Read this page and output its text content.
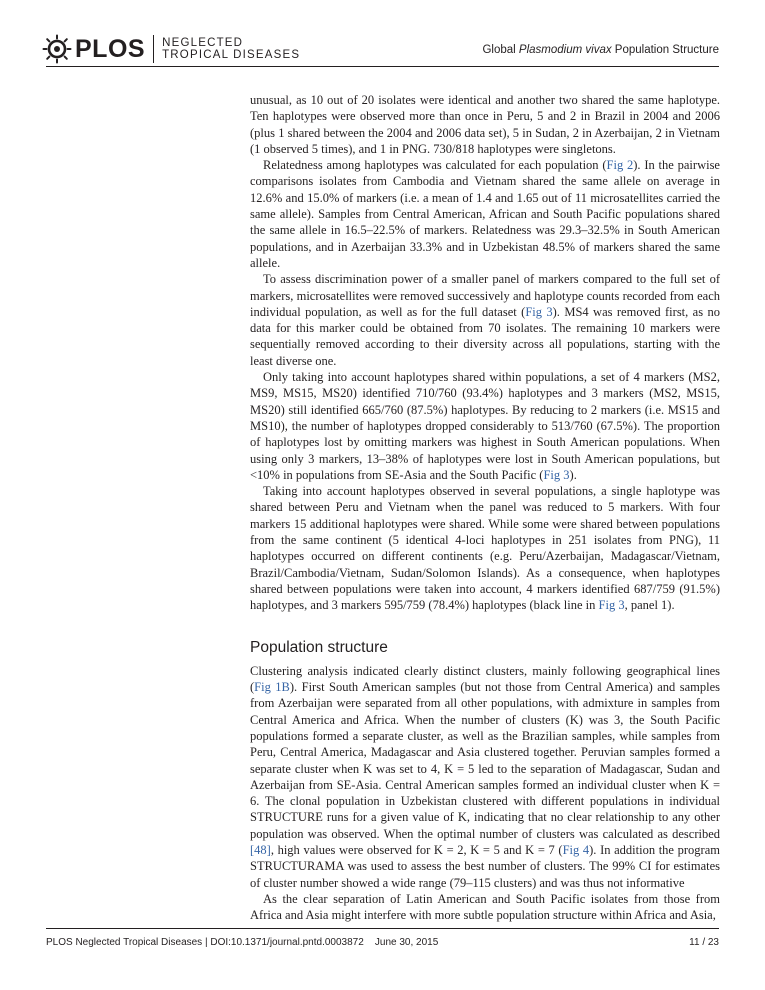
PLOS NEGLECTED
TROPICAL DISEASES	Global Plasmodium vivax Population Structure

unusual, as 10 out of 20 isolates were identical and another two shared the same haplotype. Ten haplotypes were observed more than once in Peru, 5 and 2 in Brazil in 2004 and 2006 (plus 1 shared between the 2004 and 2006 data set), 5 in Sudan, 2 in Azerbaijan, 2 in Vietnam (1 observed 5 times), and 1 in PNG. 730/818 haplotypes were singletons.

Relatedness among haplotypes was calculated for each population (Fig 2). In the pairwise comparisons isolates from Cambodia and Vietnam shared the same allele on average in 12.6% and 15.0% of markers (i.e. a mean of 1.4 and 1.65 out of 11 microsatellites carried the same allele). Samples from Central American, African and South Pacific populations shared the same allele in 16.5–22.5% of markers. Relatedness was 29.3–32.5% in South American populations, and in Azerbaijan 33.3% and in Uzbekistan 48.5% of markers shared the same allele.

To assess discrimination power of a smaller panel of markers compared to the full set of markers, microsatellites were removed successively and haplotype counts recorded from each individual population, as well as for the full dataset (Fig 3). MS4 was removed first, as no data for this marker could be obtained from 70 isolates. The remaining 10 markers were sequentially removed according to their diversity across all populations, starting with the least diverse one.

Only taking into account haplotypes shared within populations, a set of 4 markers (MS2, MS9, MS15, MS20) identified 710/760 (93.4%) haplotypes and 3 markers (MS2, MS15, MS20) still identified 665/760 (87.5%) haplotypes. By reducing to 2 markers (i.e. MS15 and MS10), the number of haplotypes dropped considerably to 513/760 (67.5%). The proportion of haplotypes lost by omitting markers was highest in South American populations. When using only 3 markers, 13–38% of haplotypes were lost in South American populations, but <10% in populations from SE-Asia and the South Pacific (Fig 3).

Taking into account haplotypes observed in several populations, a single haplotype was shared between Peru and Vietnam when the panel was reduced to 5 markers. With four markers 15 additional haplotypes were shared. While some were shared between populations from the same continent (5 identical 4-loci haplotypes in 251 isolates from PNG), 11 haplotypes occurred on different continents (e.g. Peru/Azerbaijan, Madagascar/Vietnam, Brazil/Cambodia/Vietnam, Sudan/Solomon Islands). As a consequence, when haplotypes shared between populations were taken into account, 4 markers identified 687/759 (91.5%) haplotypes, and 3 markers 595/759 (78.4%) haplotypes (black line in Fig 3, panel 1).

Population structure

Clustering analysis indicated clearly distinct clusters, mainly following geographical lines (Fig 1B). First South American samples (but not those from Central America) and samples from Azerbaijan were separated from all other populations, with admixture in samples from Central America and Africa. When the number of clusters (K) was 3, the South Pacific populations formed a separate cluster, as well as the Brazilian samples, while samples from Peru, Central America, Madagascar and Asia clustered together. Peruvian samples formed a separate cluster when K was set to 4, K = 5 led to the separation of Madagascar, Sudan and Azerbaijan from SE-Asia. Central American samples formed an individual cluster when K = 6. The clonal population in Uzbekistan clustered with different populations in individual STRUCTURE runs for a given value of K, indicating that no clear relationship to any other population was observed. When the optimal number of clusters was calculated as described [48], high values were observed for K = 2, K = 5 and K = 7 (Fig 4). In addition the program STRUCTURAMA was used to assess the best number of clusters. The 99% CI for estimates of cluster number showed a wide range (79–115 clusters) and was thus not informative

As the clear separation of Latin American and South Pacific isolates from those from Africa and Asia might interfere with more subtle population structure within Africa and Asia,

PLOS Neglected Tropical Diseases | DOI:10.1371/journal.pntd.0003872    June 30, 2015	11 / 23
